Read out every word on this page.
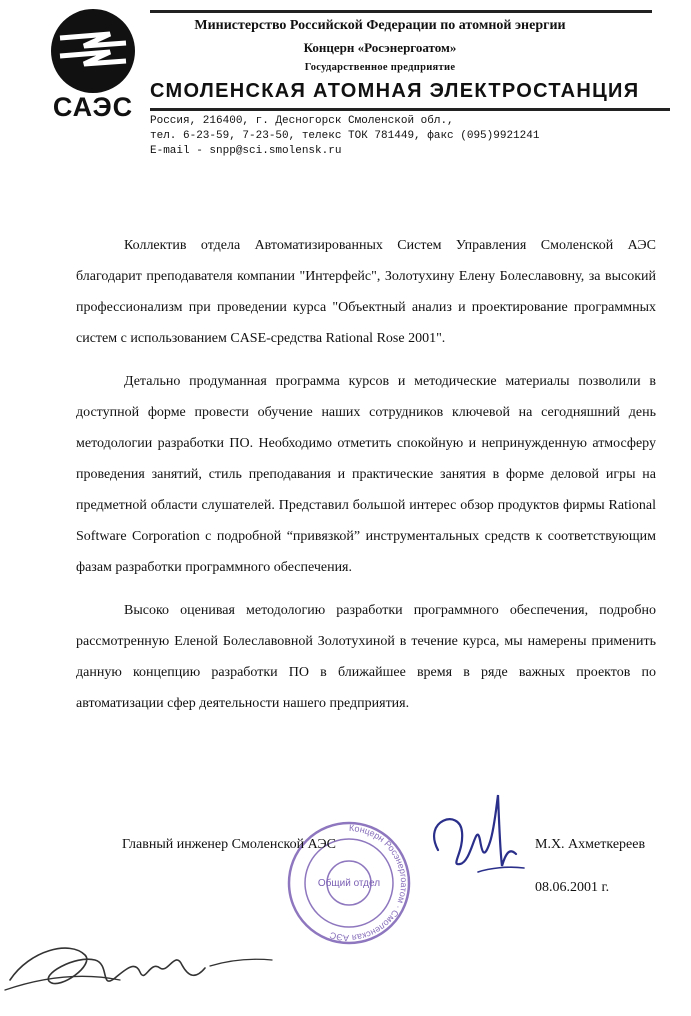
САЭС
Министерство Российской Федерации по атомной энергии
Концерн «Росэнергоатом»
Государственное предприятие
СМОЛЕНСКАЯ АТОМНАЯ ЭЛЕКТРОСТАНЦИЯ
Россия, 216400, г. Десногорск Смоленской обл.,
тел. 6-23-59, 7-23-50, телекс ТОК 781449, факс (095)9921241
E-mail - snpp@sci.smolensk.ru

Коллектив отдела Автоматизированных Систем Управления Смоленской АЭС благодарит преподавателя компании "Интерфейс", Золотухину Елену Болеславовну, за высокий профессионализм при проведении курса "Объектный анализ и проектирование программных систем с использованием CASE-средства Rational Rose 2001".

Детально продуманная программа курсов и методические материалы позволили в доступной форме провести обучение наших сотрудников ключевой на сегодняшний день методологии разработки ПО. Необходимо отметить спокойную и непринужденную атмосферу проведения занятий, стиль преподавания и практические занятия в форме деловой игры на предметной области слушателей. Представил большой интерес обзор продуктов фирмы Rational Software Corporation с подробной “привязкой” инструментальных средств к соответствующим фазам разработки программного обеспечения.

Высоко оценивая методологию разработки программного обеспечения, подробно рассмотренную Еленой Болеславовной Золотухиной в течение курса, мы намерены применить данную концепцию разработки ПО в ближайшее время в ряде важных проектов по автоматизации сфер деятельности нашего предприятия.

Концерн Росэнергоатом · Смоленская АЭС
Общий отдел
Главный инженер Смоленской АЭС	М.Х. Ахметкереев
08.06.2001 г.
